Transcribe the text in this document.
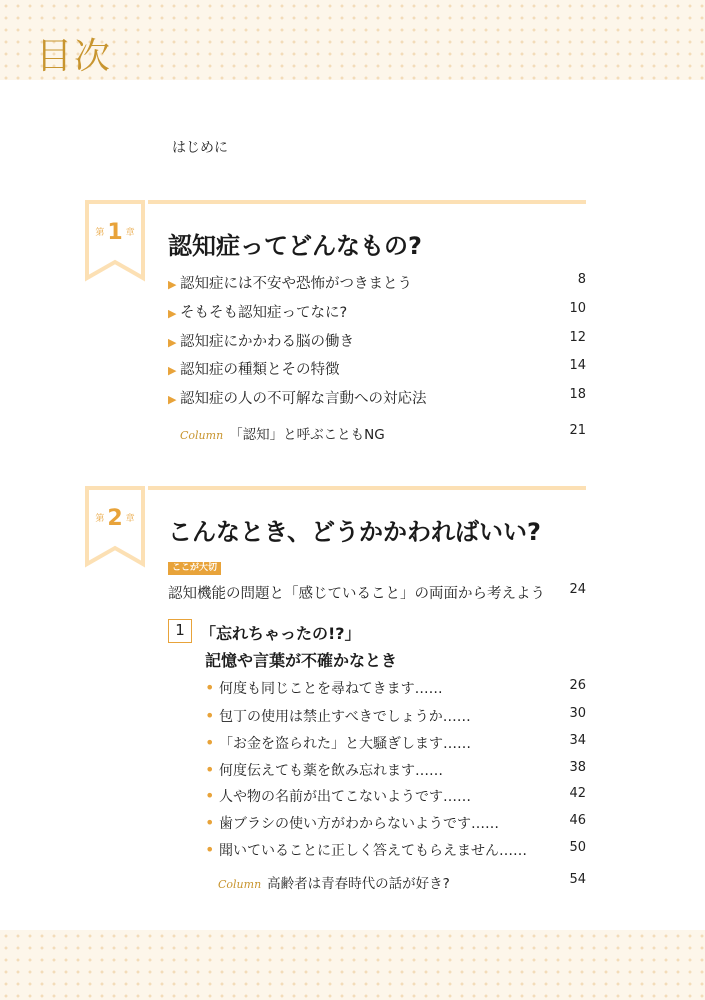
目次
はじめに
$^第$ 1 $^章$	認知症ってどんなもの?
▶ 認知症には不安や恐怖がつきまとう	8
▶ そもそも認知症ってなに?	10
▶ 認知症にかかわる脳の働き	12
▶ 認知症の種類とその特徴	14
▶ 認知症の人の不可解な言動への対応法	18
Column 「認知」と呼ぶこともNG	21
$^第$ 2 $^章$	こんなとき、どうかかわればいい?
ここが大切
認知機能の問題と「感じていること」の両面から考えよう 24
1 「忘れちゃったの!?」
記憶や言葉が不確かなとき
• 何度も同じことを尋ねてきます……	26
• 包丁の使用は禁止すべきでしょうか……	30
• 「お金を盗られた」と大騒ぎします……	34
• 何度伝えても薬を飲み忘れます……	38
• 人や物の名前が出てこないようです……	42
• 歯ブラシの使い方がわからないようです……	46
• 聞いていることに正しく答えてもらえません……	50
Column 高齢者は青春時代の話が好き?	54
